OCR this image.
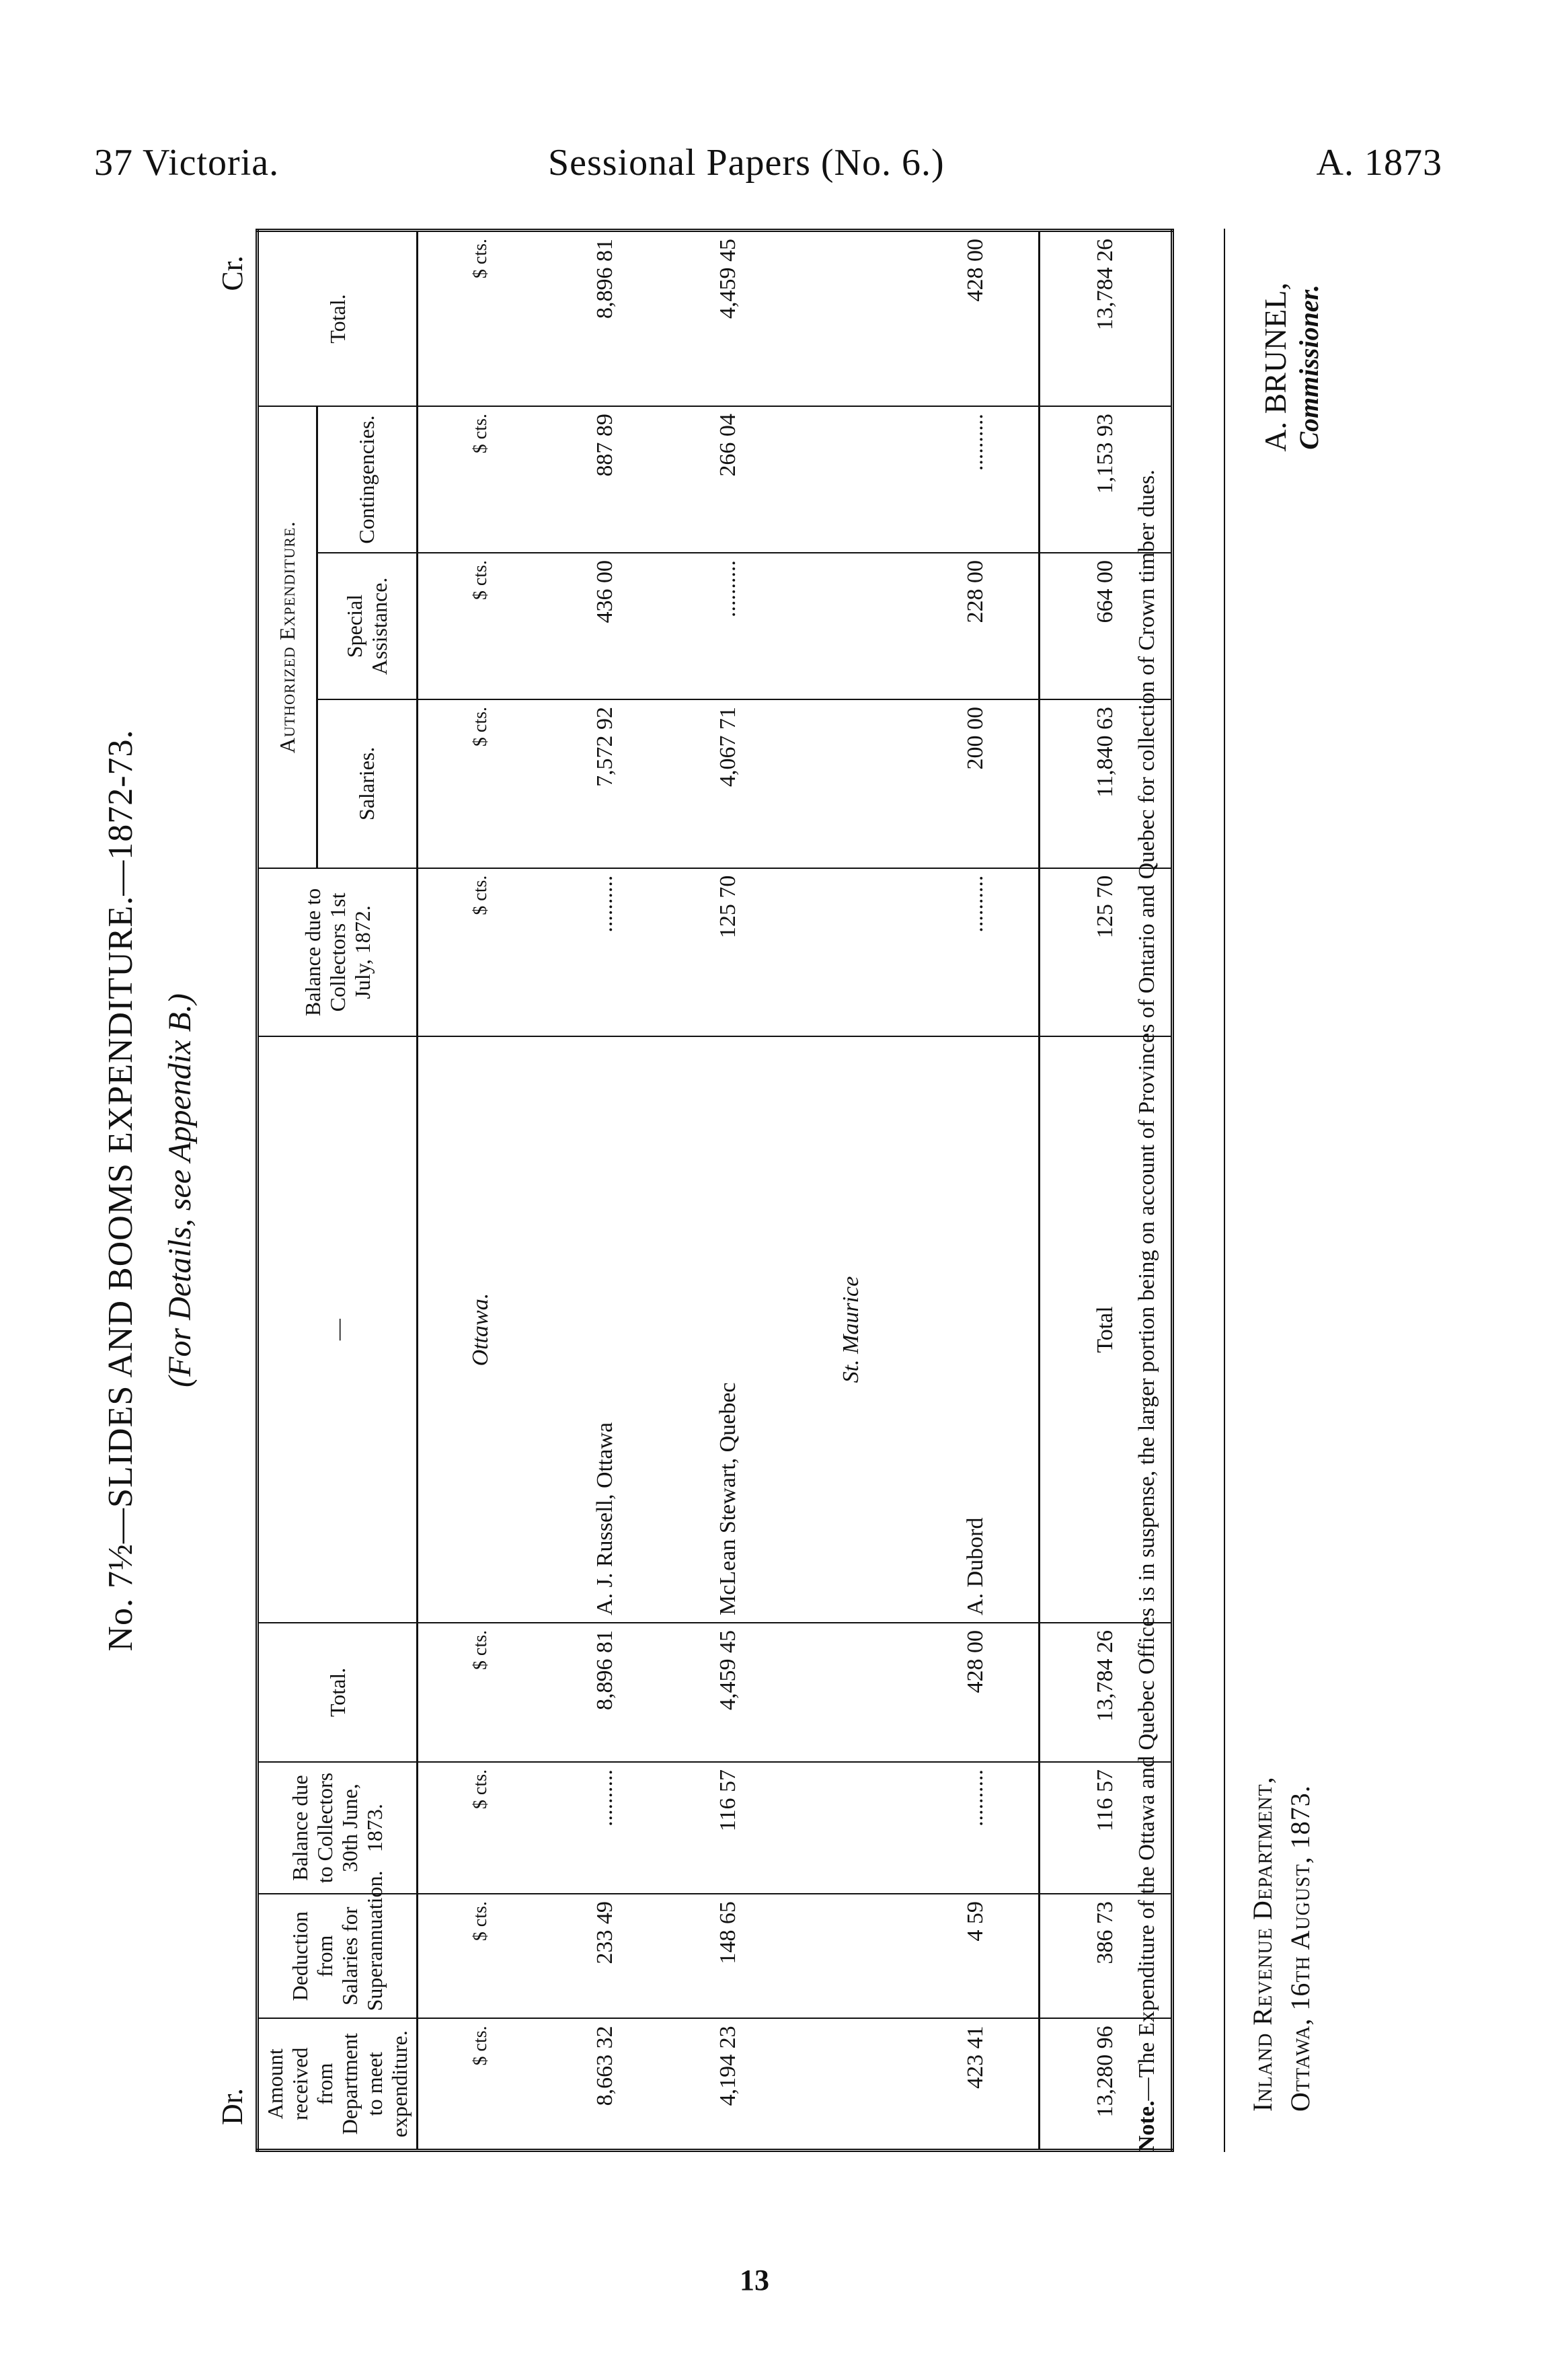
37 Victoria.	Sessional Papers (No. 6.)	A. 1873
No. 7½—SLIDES AND BOOMS EXPENDITURE.—1872-73. (For Details, see Appendix B.)
Dr.
Cr.
Amount received from Department to meet expenditure.	Deduction from Salaries for Superannuation.	Balance due to Collectors 30th June, 1873.	Total.	—	Balance due to Collectors 1st July, 1872.	Authorized Expenditure.			Total.
						Salaries.	Special Assistance.	Contingencies.	
$ cts.	$ cts.	$ cts.	$ cts.	Ottawa.	$ cts.	$ cts.	$ cts.	$ cts.	$ cts.
8,663 32	233 49	..........	8,896 81	A. J. Russell, Ottawa	..........	7,572 92	436 00	887 89	8,896 81
4,194 23	148 65	116 57	4,459 45	McLean Stewart, Quebec	125 70	4,067 71	..........	266 04	4,459 45
				St. Maurice					
423 41	4 59	..........	428 00	A. Dubord	..........	200 00	228 00	..........	428 00
13,280 96	386 73	116 57	13,784 26	Total	125 70	11,840 63	664 00	1,153 93	13,784 26
Note.—The Expenditure of the Ottawa and Quebec Offices is in suspense, the larger portion being on account of Provinces of Ontario and Quebec for collection of Crown timber dues.	Inland Revenue Department, Ottawa, 16th August, 1873.
A. BRUNEL, Commissioner.
13
